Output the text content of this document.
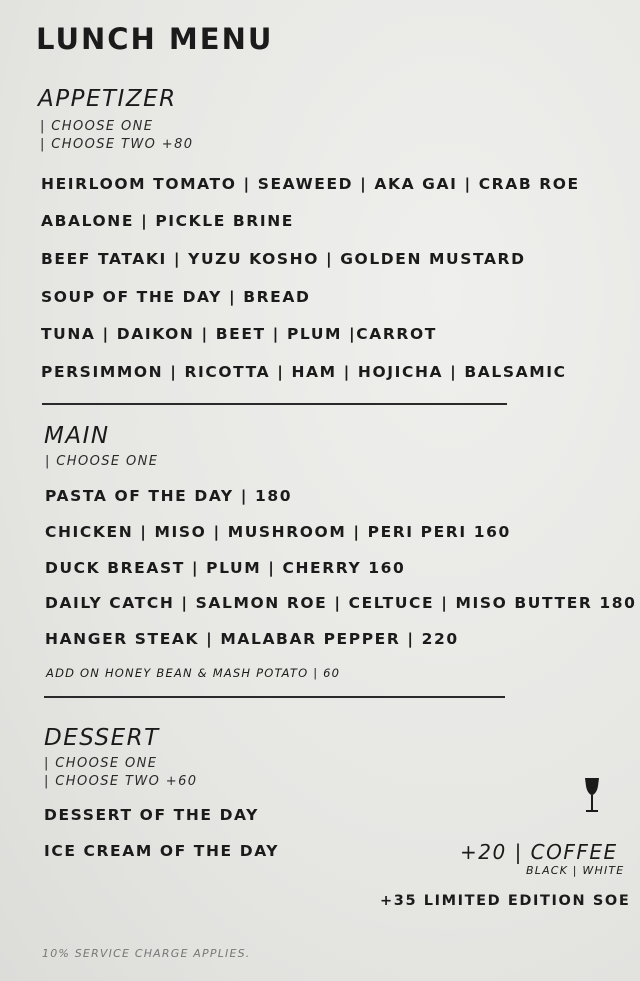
LUNCH MENU
APPETIZER
| CHOOSE ONE
| CHOOSE TWO +80
HEIRLOOM TOMATO | SEAWEED | AKA GAI | CRAB ROE
ABALONE | PICKLE BRINE
BEEF TATAKI | YUZU KOSHO | GOLDEN MUSTARD
SOUP OF THE DAY | BREAD
TUNA | DAIKON | BEET | PLUM |CARROT
PERSIMMON | RICOTTA | HAM | HOJICHA | BALSAMIC
MAIN
| CHOOSE ONE
PASTA OF THE DAY | 180
CHICKEN | MISO | MUSHROOM | PERI PERI 160
DUCK BREAST | PLUM | CHERRY 160
DAILY CATCH | SALMON ROE | CELTUCE | MISO BUTTER 180
HANGER STEAK | MALABAR PEPPER | 220
ADD ON HONEY BEAN & MASH POTATO | 60
DESSERT
| CHOOSE ONE
| CHOOSE TWO +60
DESSERT OF THE DAY
ICE CREAM OF THE DAY	+20 | COFFEE
BLACK | WHITE
+35 LIMITED EDITION SOE
10% SERVICE CHARGE APPLIES.
